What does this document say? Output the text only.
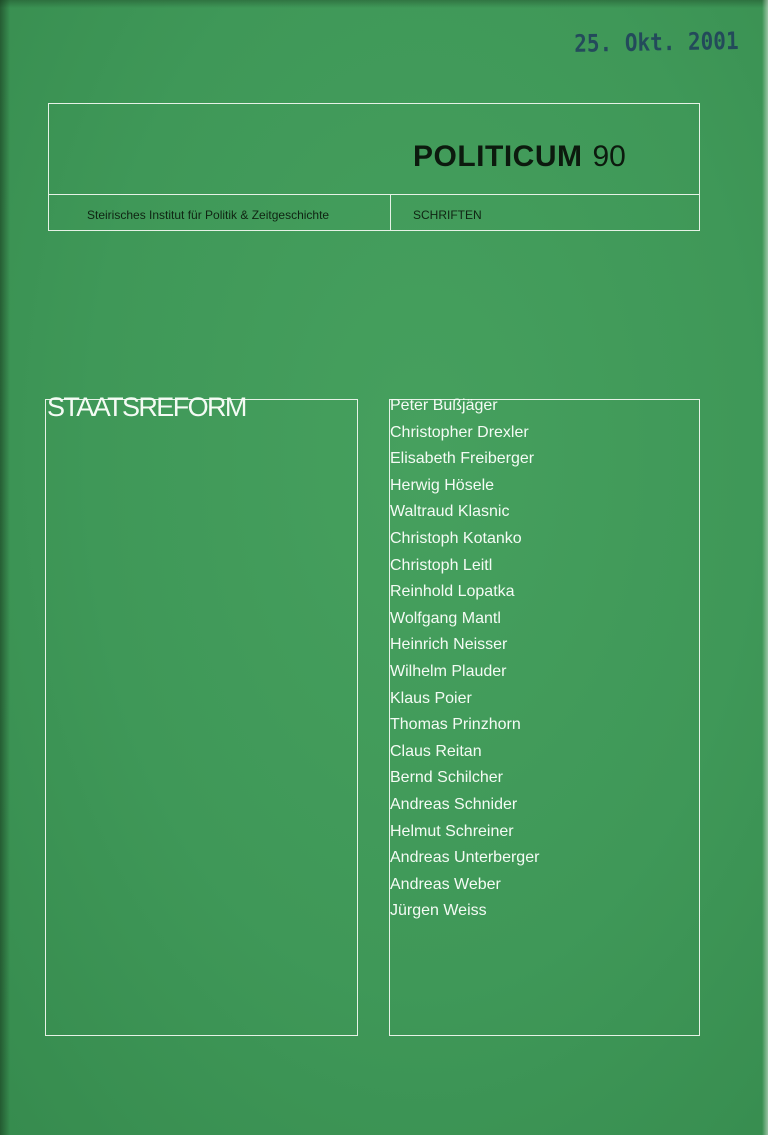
25. Okt. 2001
POLITICUM 90
Steirisches Institut für Politik & Zeitgeschichte	SCHRIFTEN
STAATSREFORM	Peter Bußjäger
Christopher Drexler
Elisabeth Freiberger
Herwig Hösele
Waltraud Klasnic
Christoph Kotanko
Christoph Leitl
Reinhold Lopatka
Wolfgang Mantl
Heinrich Neisser
Wilhelm Plauder
Klaus Poier
Thomas Prinzhorn
Claus Reitan
Bernd Schilcher
Andreas Schnider
Helmut Schreiner
Andreas Unterberger
Andreas Weber
Jürgen Weiss
